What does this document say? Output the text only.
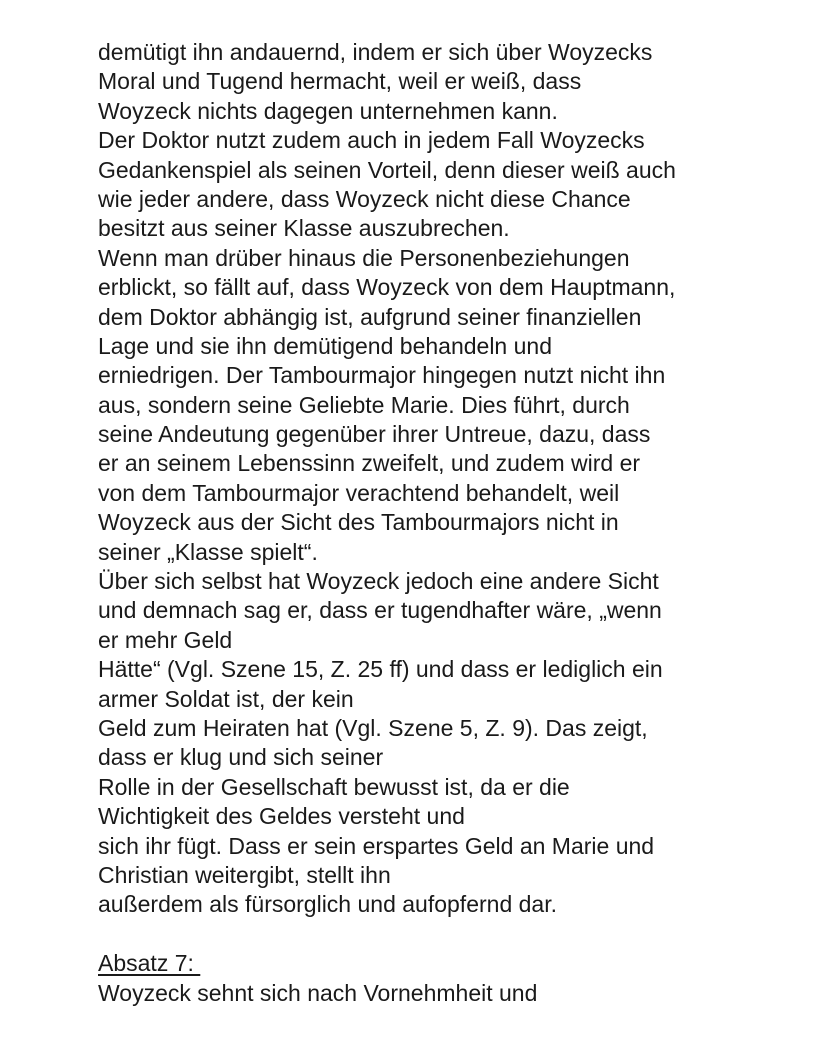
demütigt ihn andauernd, indem er sich über Woyzecks
Moral und Tugend hermacht, weil er weiß, dass
Woyzeck nichts dagegen unternehmen kann.
Der Doktor nutzt zudem auch in jedem Fall Woyzecks
Gedankenspiel als seinen Vorteil, denn dieser weiß auch
wie jeder andere, dass Woyzeck nicht diese Chance
besitzt aus seiner Klasse auszubrechen.
Wenn man drüber hinaus die Personenbeziehungen
erblickt, so fällt auf, dass Woyzeck von dem Hauptmann,
dem Doktor abhängig ist, aufgrund seiner finanziellen
Lage und sie ihn demütigend behandeln und
erniedrigen. Der Tambourmajor hingegen nutzt nicht ihn
aus, sondern seine Geliebte Marie. Dies führt, durch
seine Andeutung gegenüber ihrer Untreue, dazu, dass
er an seinem Lebenssinn zweifelt, und zudem wird er
von dem Tambourmajor verachtend behandelt, weil
Woyzeck aus der Sicht des Tambourmajors nicht in
seiner „Klasse spielt“.
Über sich selbst hat Woyzeck jedoch eine andere Sicht
und demnach sag er, dass er tugendhafter wäre, „wenn
er mehr Geld
Hätte“ (Vgl. Szene 15, Z. 25 ff) und dass er lediglich ein
armer Soldat ist, der kein
Geld zum Heiraten hat (Vgl. Szene 5, Z. 9). Das zeigt,
dass er klug und sich seiner
Rolle in der Gesellschaft bewusst ist, da er die
Wichtigkeit des Geldes versteht und
sich ihr fügt. Dass er sein erspartes Geld an Marie und
Christian weitergibt, stellt ihn
außerdem als fürsorglich und aufopfernd dar.
Absatz 7:
Woyzeck sehnt sich nach Vornehmheit und
